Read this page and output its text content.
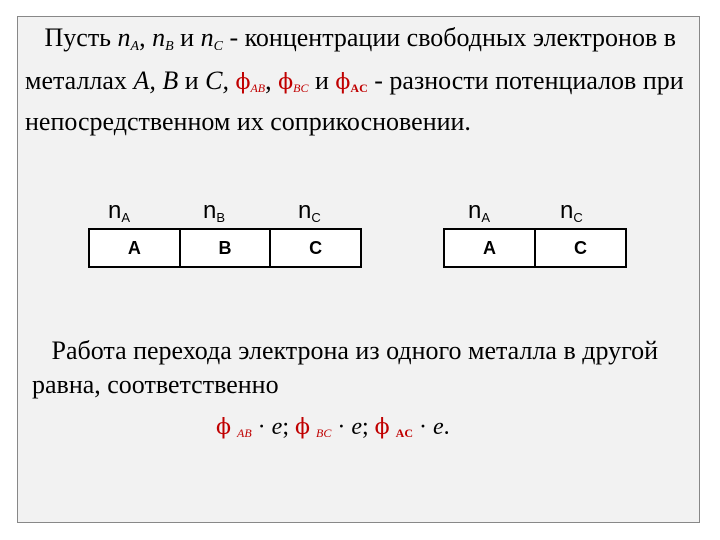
Пусть $n_A$, $n_B$ и $n_C$ - концентрации свободных электронов в металлах A, B и C, $\phi_{AB}$, $\phi_{BC}$ и $\phi_{AC}$ - разности потенциалов при непосредственном их соприкосновении.

$n_A$	$n_B$	$n_C$	$n_A$	$n_C$
A	B	C	A	C

Работа перехода электрона из одного металла в другой равна, соответственно

ϕ $_{AB}$ · e; ϕ $_{BC}$ · e; ϕ $_{AC}$ · e.
